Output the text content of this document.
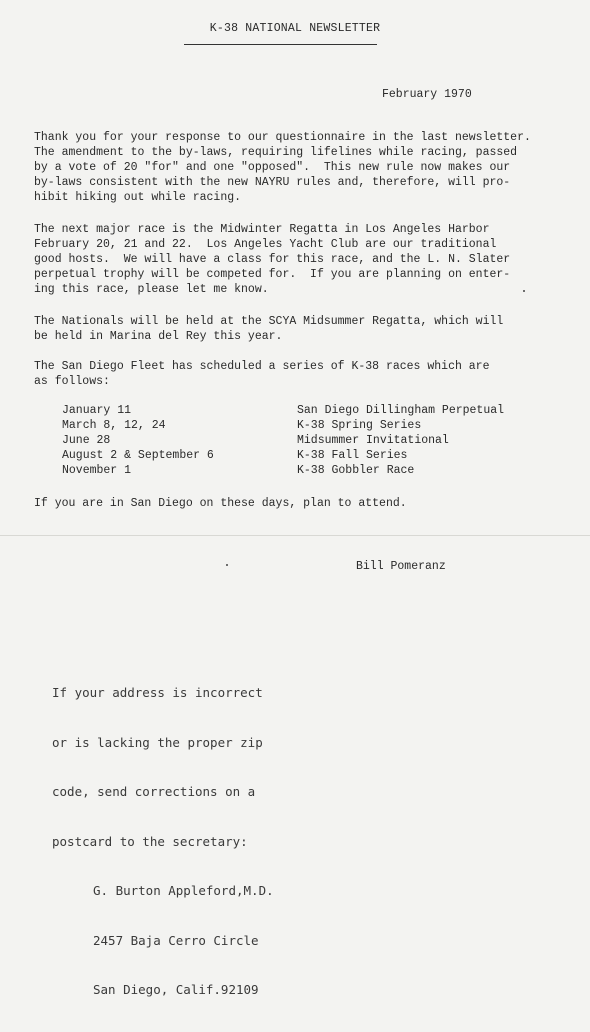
K-38 NATIONAL NEWSLETTER
February 1970
Thank you for your response to our questionnaire in the last newsletter.
The amendment to the by-laws, requiring lifelines while racing, passed
by a vote of 20 "for" and one "opposed".  This new rule now makes our
by-laws consistent with the new NAYRU rules and, therefore, will pro-
hibit hiking out while racing.
The next major race is the Midwinter Regatta in Los Angeles Harbor
February 20, 21 and 22.  Los Angeles Yacht Club are our traditional
good hosts.  We will have a class for this race, and the L. N. Slater
perpetual trophy will be competed for.  If you are planning on enter-
ing this race, please let me know.
The Nationals will be held at the SCYA Midsummer Regatta, which will
be held in Marina del Rey this year.
The San Diego Fleet has scheduled a series of K-38 races which are
as follows:
January 11
March 8, 12, 24
June 28
August 2 & September 6
November 1
San Diego Dillingham Perpetual
K-38 Spring Series
Midsummer Invitational
K-38 Fall Series
K-38 Gobbler Race
If you are in San Diego on these days, plan to attend.
Bill Pomeranz

If your address is incorrect

or is lacking the proper zip

code, send corrections on a

postcard to the secretary:

G. Burton Appleford,M.D.

2457 Baja Cerro Circle

San Diego, Calif.92109
